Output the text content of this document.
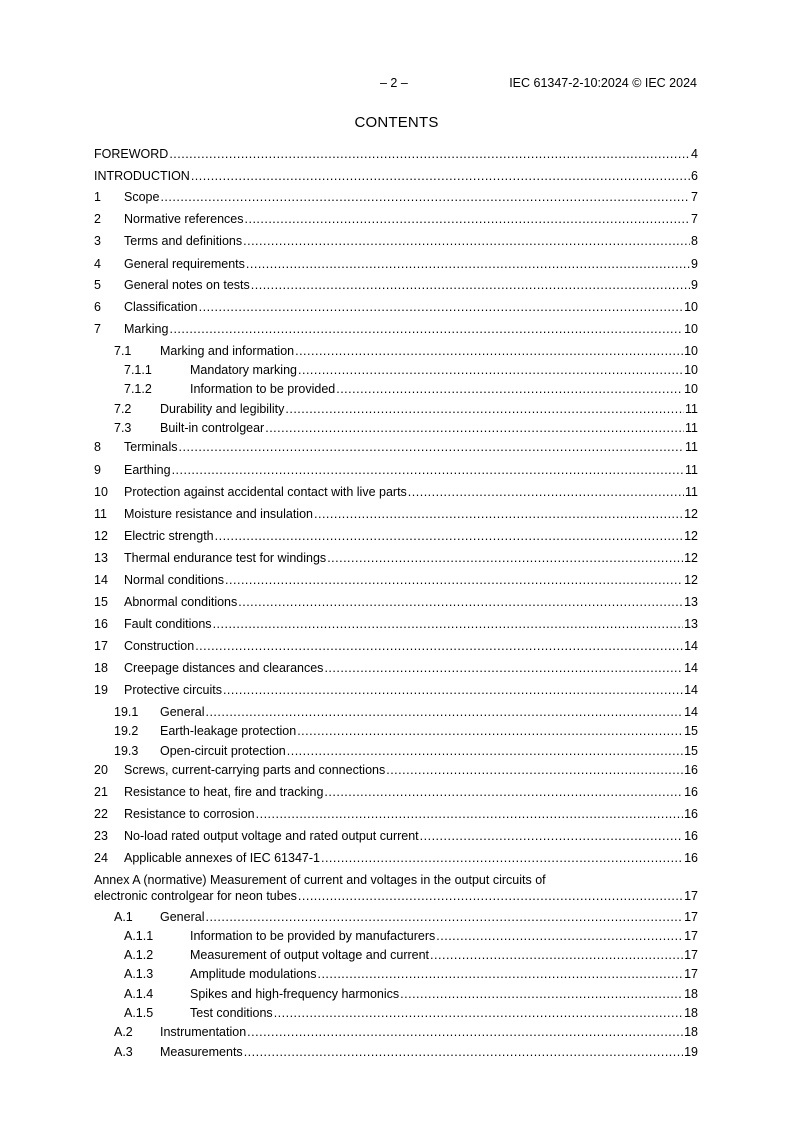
– 2 –	IEC 61347-2-10:2024 © IEC 2024
CONTENTS
FOREWORD .....	4
INTRODUCTION .....	6
1	Scope .....	7
2	Normative references .....	7
3	Terms and definitions .....	8
4	General requirements .....	9
5	General notes on tests .....	9
6	Classification .....	10
7	Marking .....	10
7.1	Marking and information .....	10
7.1.1	Mandatory marking .....	10
7.1.2	Information to be provided .....	10
7.2	Durability and legibility .....	11
7.3	Built-in controlgear .....	11
8	Terminals .....	11
9	Earthing .....	11
10	Protection against accidental contact with live parts .....	11
11	Moisture resistance and insulation .....	12
12	Electric strength .....	12
13	Thermal endurance test for windings .....	12
14	Normal conditions .....	12
15	Abnormal conditions .....	13
16	Fault conditions .....	13
17	Construction .....	14
18	Creepage distances and clearances .....	14
19	Protective circuits .....	14
19.1	General .....	14
19.2	Earth-leakage protection .....	15
19.3	Open-circuit protection .....	15
20	Screws, current-carrying parts and connections .....	16
21	Resistance to heat, fire and tracking .....	16
22	Resistance to corrosion .....	16
23	No-load rated output voltage and rated output current .....	16
24	Applicable annexes of IEC 61347-1 .....	16
Annex A (normative) Measurement of current and voltages in the output circuits of
electronic controlgear for neon tubes .....	17
A.1	General .....	17
A.1.1	Information to be provided by manufacturers .....	17
A.1.2	Measurement of output voltage and current .....	17
A.1.3	Amplitude modulations .....	17
A.1.4	Spikes and high-frequency harmonics .....	18
A.1.5	Test conditions .....	18
A.2	Instrumentation .....	18
A.3	Measurements .....	19
